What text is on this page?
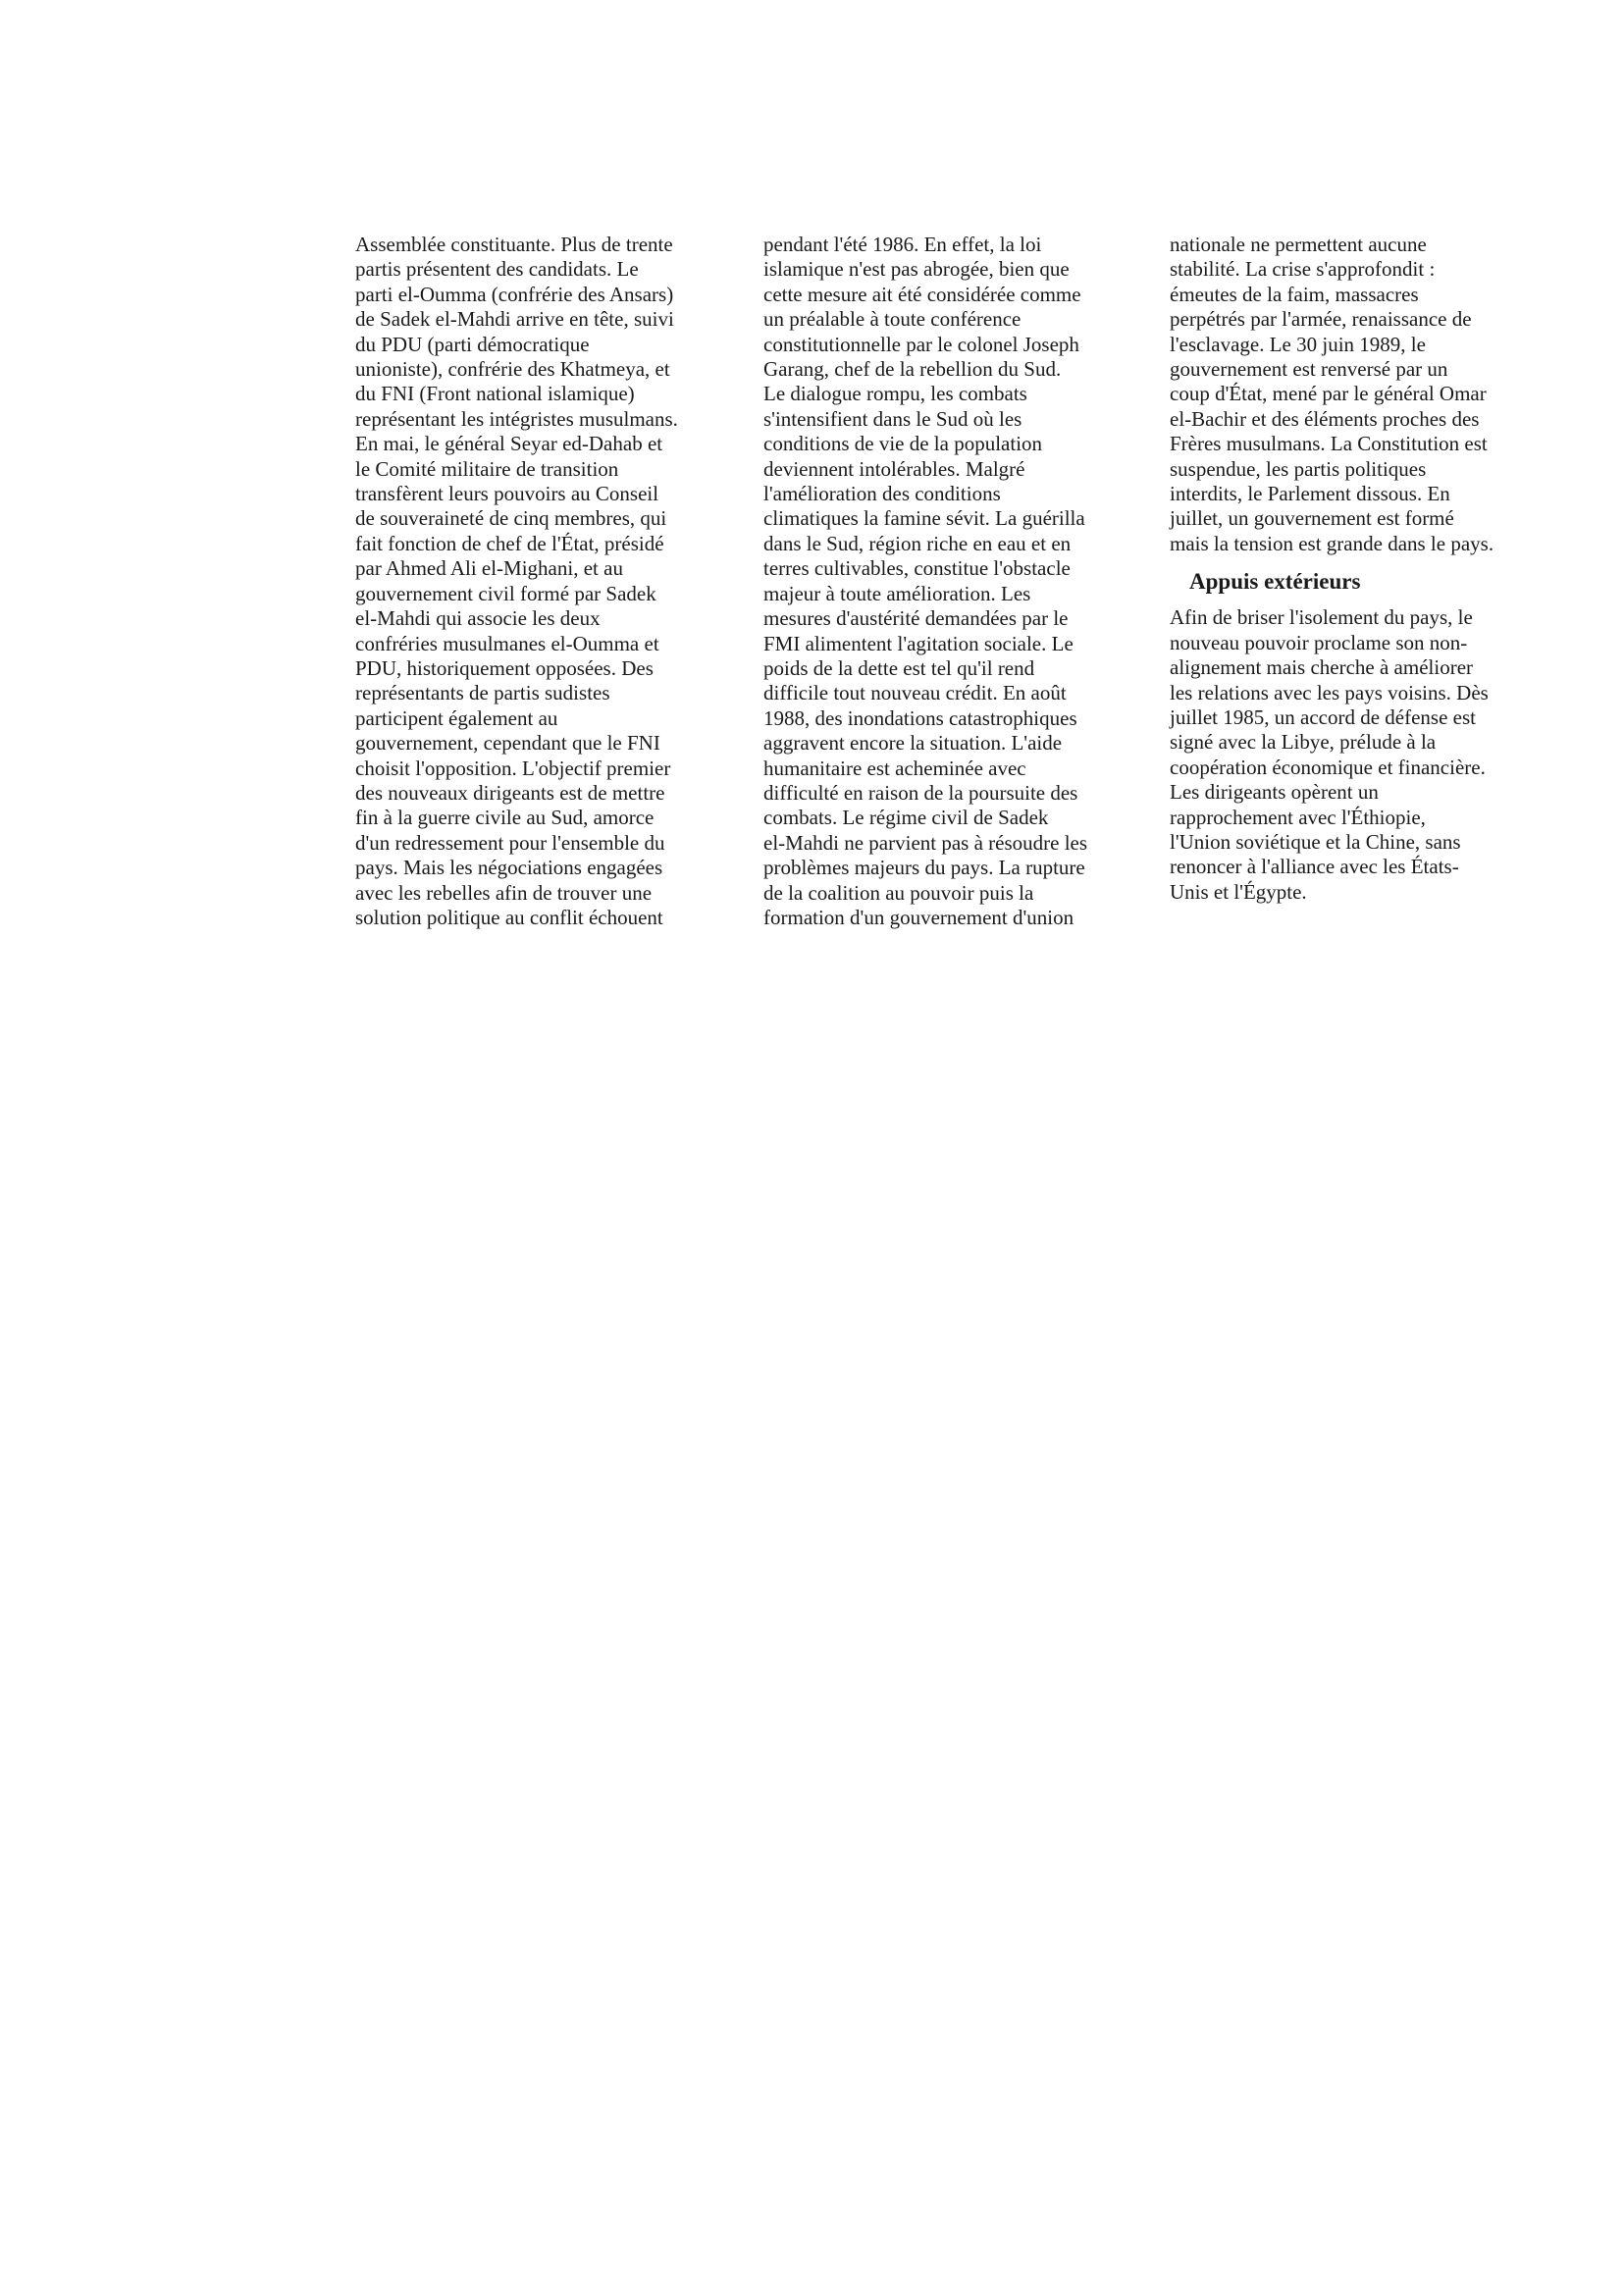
Assemblée constituante. Plus de trente
partis présentent des candidats. Le
parti el-Oumma (confrérie des Ansars)
de Sadek el-Mahdi arrive en tête, suivi
du PDU (parti démocratique
unioniste), confrérie des Khatmeya, et
du FNI (Front national islamique)
représentant les intégristes musulmans.
En mai, le général Seyar ed-Dahab et
le Comité militaire de transition
transfèrent leurs pouvoirs au Conseil
de souveraineté de cinq membres, qui
fait fonction de chef de l'État, présidé
par Ahmed Ali el-Mighani, et au
gouvernement civil formé par Sadek
el-Mahdi qui associe les deux
confréries musulmanes el-Oumma et
PDU, historiquement opposées. Des
représentants de partis sudistes
participent également au
gouvernement, cependant que le FNI
choisit l'opposition. L'objectif premier
des nouveaux dirigeants est de mettre
fin à la guerre civile au Sud, amorce
d'un redressement pour l'ensemble du
pays. Mais les négociations engagées
avec les rebelles afin de trouver une
solution politique au conflit échouent
pendant l'été 1986. En effet, la loi
islamique n'est pas abrogée, bien que
cette mesure ait été considérée comme
un préalable à toute conférence
constitutionnelle par le colonel Joseph
Garang, chef de la rebellion du Sud.
Le dialogue rompu, les combats
s'intensifient dans le Sud où les
conditions de vie de la population
deviennent intolérables. Malgré
l'amélioration des conditions
climatiques la famine sévit. La guérilla
dans le Sud, région riche en eau et en
terres cultivables, constitue l'obstacle
majeur à toute amélioration. Les
mesures d'austérité demandées par le
FMI alimentent l'agitation sociale. Le
poids de la dette est tel qu'il rend
difficile tout nouveau crédit. En août
1988, des inondations catastrophiques
aggravent encore la situation. L'aide
humanitaire est acheminée avec
difficulté en raison de la poursuite des
combats. Le régime civil de Sadek
el-Mahdi ne parvient pas à résoudre les
problèmes majeurs du pays. La rupture
de la coalition au pouvoir puis la
formation d'un gouvernement d'union
nationale ne permettent aucune
stabilité. La crise s'approfondit :
émeutes de la faim, massacres
perpétrés par l'armée, renaissance de
l'esclavage. Le 30 juin 1989, le
gouvernement est renversé par un
coup d'État, mené par le général Omar
el-Bachir et des éléments proches des
Frères musulmans. La Constitution est
suspendue, les partis politiques
interdits, le Parlement dissous. En
juillet, un gouvernement est formé
mais la tension est grande dans le pays.
Appuis extérieurs
Afin de briser l'isolement du pays, le
nouveau pouvoir proclame son non-
alignement mais cherche à améliorer
les relations avec les pays voisins. Dès
juillet 1985, un accord de défense est
signé avec la Libye, prélude à la
coopération économique et financière.
Les dirigeants opèrent un
rapprochement avec l'Éthiopie,
l'Union soviétique et la Chine, sans
renoncer à l'alliance avec les États-
Unis et l'Égypte.
